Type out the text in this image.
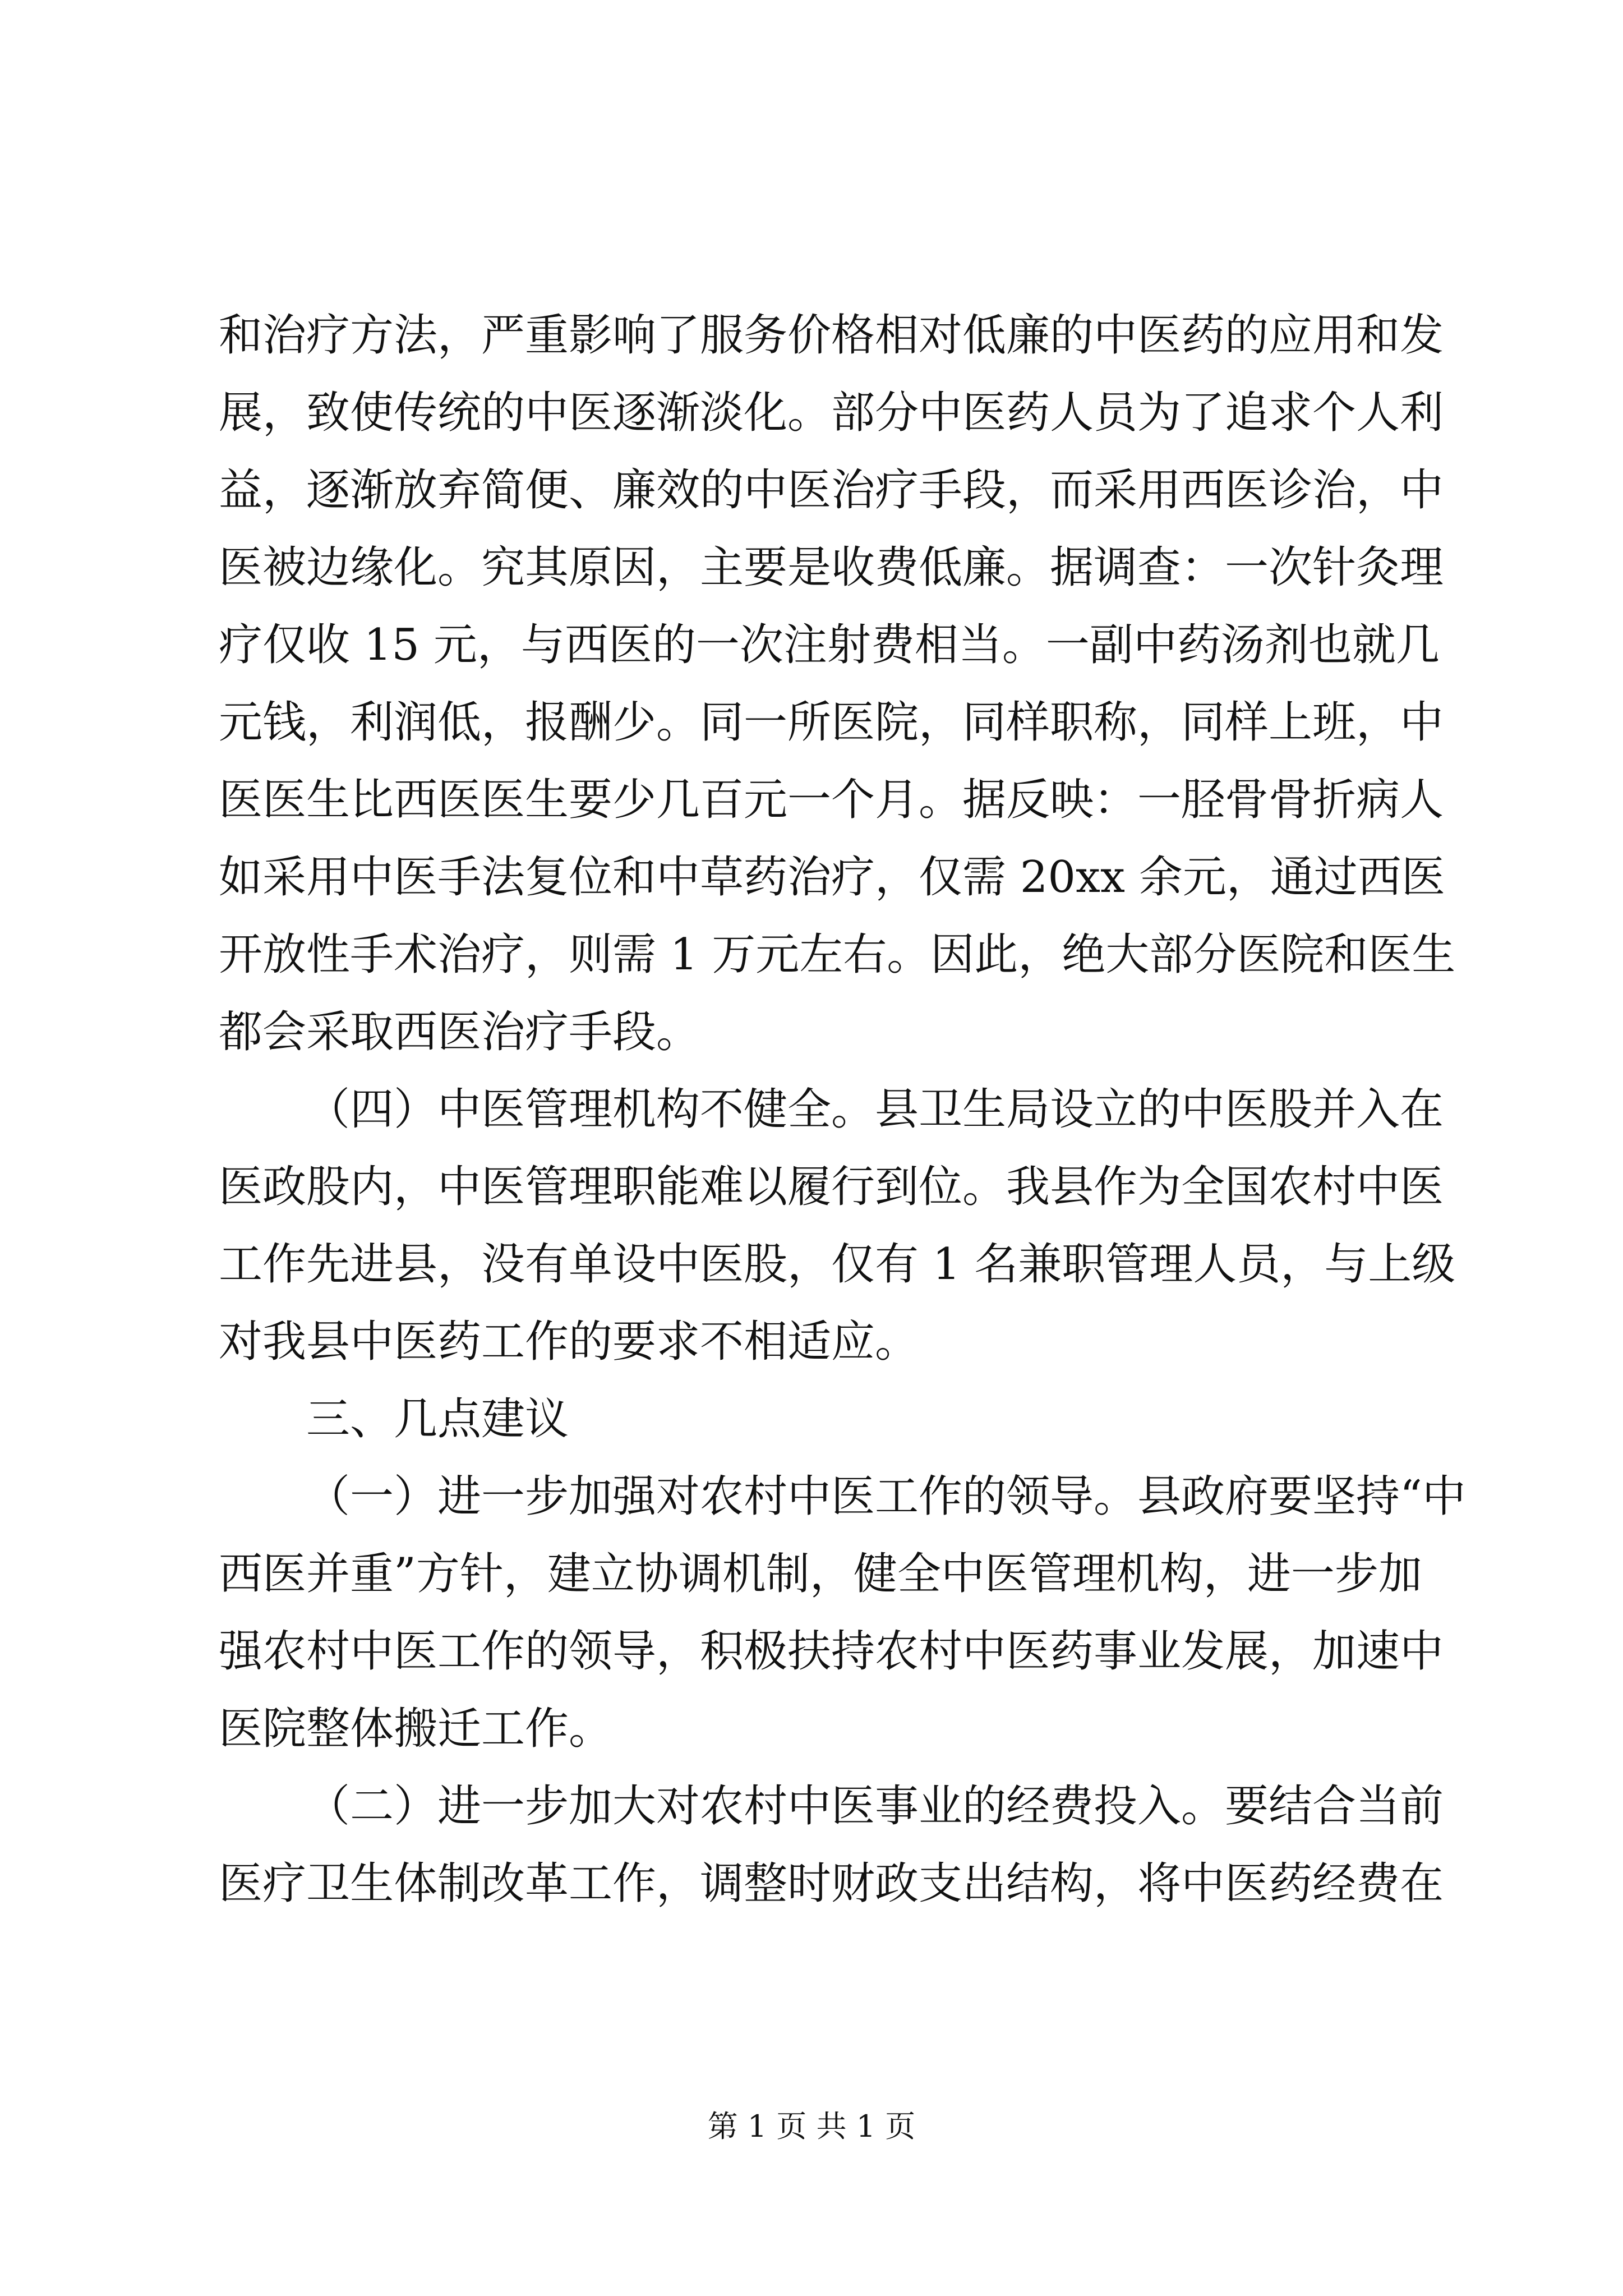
和治疗方法，严重影响了服务价格相对低廉的中医药的应用和发
展，致使传统的中医逐渐淡化。部分中医药人员为了追求个人利
益，逐渐放弃简便、廉效的中医治疗手段，而采用西医诊治，中
医被边缘化。究其原因，主要是收费低廉。据调查：一次针灸理
疗仅收 15 元，与西医的一次注射费相当。一副中药汤剂也就几
元钱，利润低，报酬少。同一所医院，同样职称，同样上班，中
医医生比西医医生要少几百元一个月。据反映：一胫骨骨折病人
如采用中医手法复位和中草药治疗，仅需 20xx 余元，通过西医
开放性手术治疗，则需 1 万元左右。因此，绝大部分医院和医生
都会采取西医治疗手段。
（四）中医管理机构不健全。县卫生局设立的中医股并入在
医政股内，中医管理职能难以履行到位。我县作为全国农村中医
工作先进县，没有单设中医股，仅有 1 名兼职管理人员，与上级
对我县中医药工作的要求不相适应。
三、几点建议
（一）进一步加强对农村中医工作的领导。县政府要坚持“中
西医并重”方针，建立协调机制，健全中医管理机构，进一步加
强农村中医工作的领导，积极扶持农村中医药事业发展，加速中
医院整体搬迁工作。
（二）进一步加大对农村中医事业的经费投入。要结合当前
医疗卫生体制改革工作，调整时财政支出结构，将中医药经费在
第 1 页 共 1 页
